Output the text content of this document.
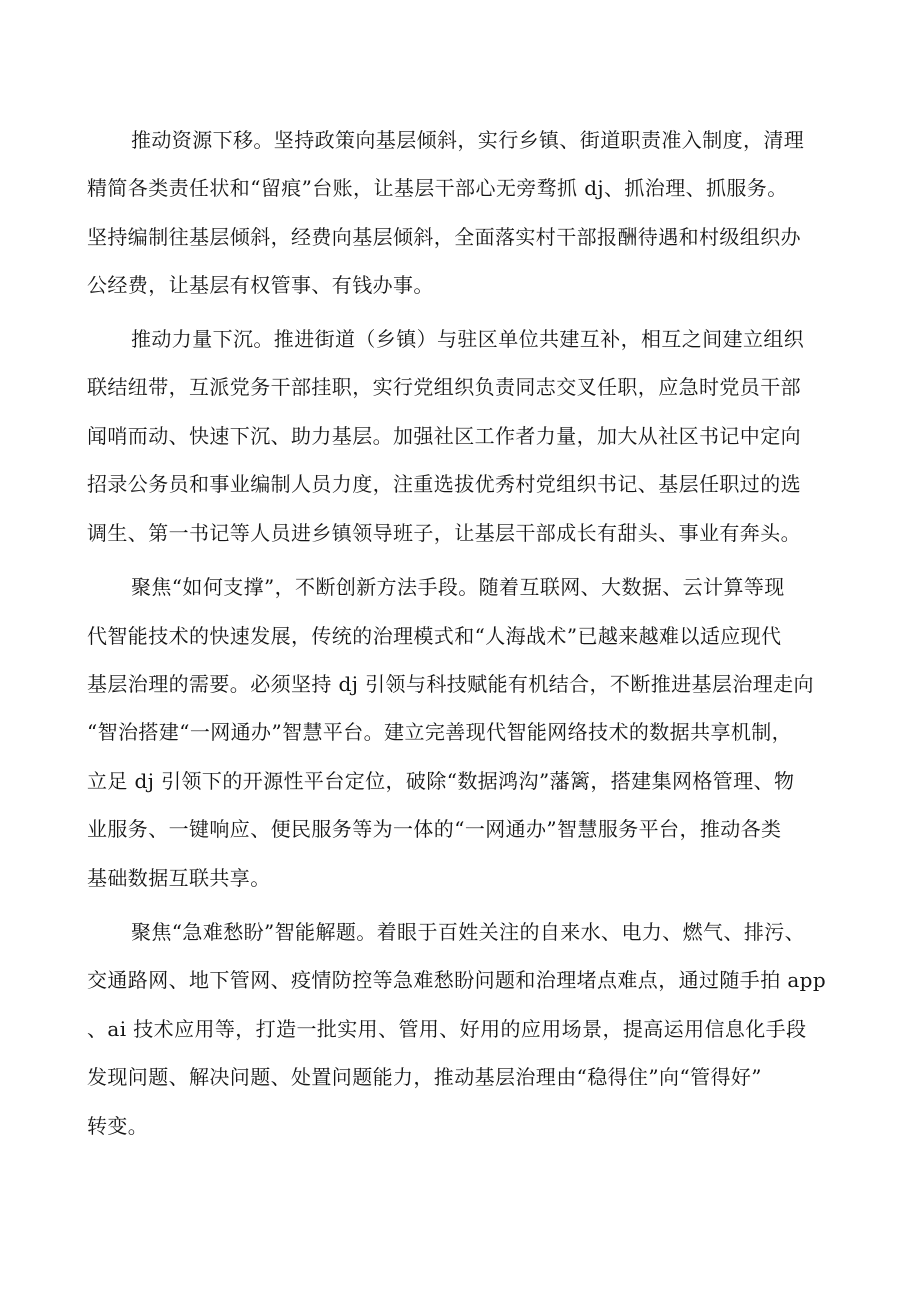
推动资源下移。坚持政策向基层倾斜，实行乡镇、街道职责准入制度，清理

精简各类责任状和“留痕”台账，让基层干部心无旁骛抓 dj、抓治理、抓服务。

坚持编制往基层倾斜，经费向基层倾斜，全面落实村干部报酬待遇和村级组织办

公经费，让基层有权管事、有钱办事。

推动力量下沉。推进街道（乡镇）与驻区单位共建互补，相互之间建立组织

联结纽带，互派党务干部挂职，实行党组织负责同志交叉任职，应急时党员干部

闻哨而动、快速下沉、助力基层。加强社区工作者力量，加大从社区书记中定向

招录公务员和事业编制人员力度，注重选拔优秀村党组织书记、基层任职过的选

调生、第一书记等人员进乡镇领导班子，让基层干部成长有甜头、事业有奔头。

聚焦“如何支撑”，不断创新方法手段。随着互联网、大数据、云计算等现

代智能技术的快速发展，传统的治理模式和“人海战术”已越来越难以适应现代

基层治理的需要。必须坚持 dj 引领与科技赋能有机结合，不断推进基层治理走向

“智治搭建“一网通办”智慧平台。建立完善现代智能网络技术的数据共享机制，

立足 dj 引领下的开源性平台定位，破除“数据鸿沟”藩篱，搭建集网格管理、物

业服务、一键响应、便民服务等为一体的“一网通办”智慧服务平台，推动各类

基础数据互联共享。

聚焦“急难愁盼”智能解题。着眼于百姓关注的自来水、电力、燃气、排污、

交通路网、地下管网、疫情防控等急难愁盼问题和治理堵点难点，通过随手拍 app

、ai 技术应用等，打造一批实用、管用、好用的应用场景，提高运用信息化手段

发现问题、解决问题、处置问题能力，推动基层治理由“稳得住”向“管得好”

转变。
